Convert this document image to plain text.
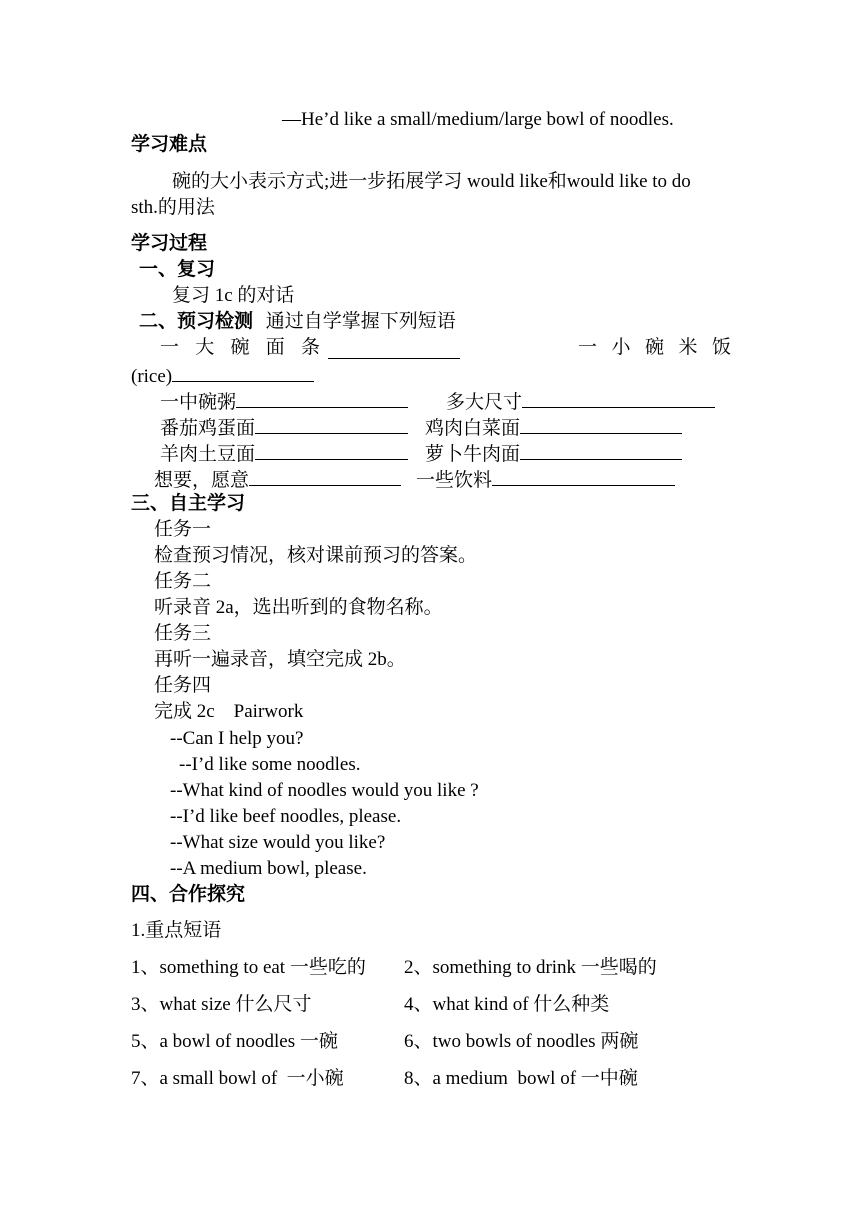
—He’d like a small/medium/large bowl of noodles.
学习难点
碗的大小表示方式;进一步拓展学习 would like和would like to do
sth.的用法
学习过程
一、复习
复习 1c 的对话
二、预习检测 通过自学掌握下列短语
一 大 碗 面 条	一 小 碗 米 饭
(rice)
一中碗粥	多大尺寸
番茄鸡蛋面	鸡肉白菜面
羊肉土豆面	萝卜牛肉面
想要，愿意	一些饮料
三、自主学习
任务一
检查预习情况，核对课前预习的答案。
任务二
听录音 2a，选出听到的食物名称。
任务三
再听一遍录音，填空完成 2b。
任务四
完成 2c    Pairwork
--Can I help you?
--I’d like some noodles.
--What kind of noodles would you like ?
--I’d like beef noodles, please.
--What size would you like?
--A medium bowl, please.
四、合作探究
1.重点短语
1、something to eat 一些吃的 2、something to drink 一些喝的
3、what size 什么尺寸	4、what kind of 什么种类
5、a bowl of noodles 一碗	6、two bowls of noodles 两碗
7、a small bowl of  一小碗	8、a medium  bowl of 一中碗
